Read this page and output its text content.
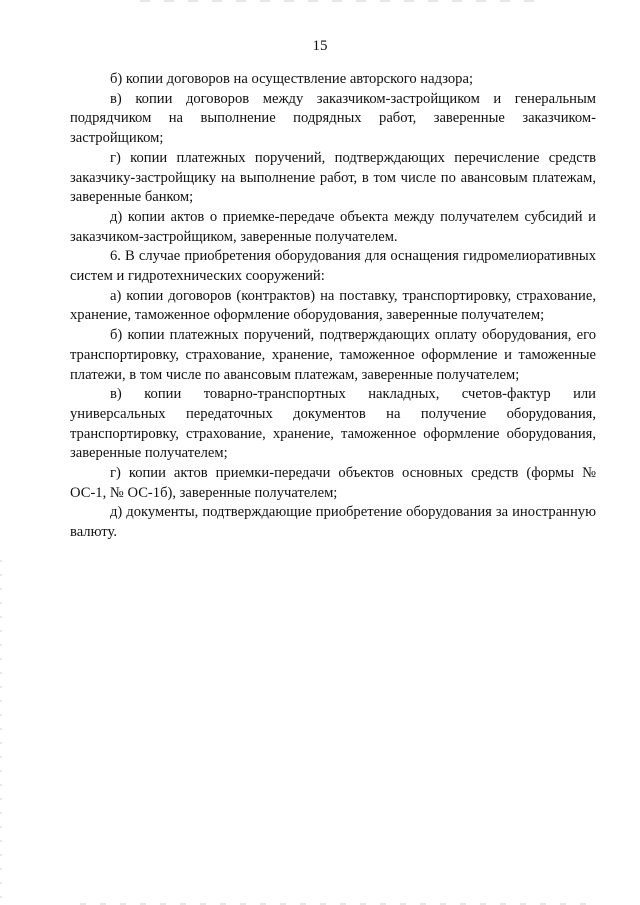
15

б) копии договоров на осуществление авторского надзора;

в) копии договоров между заказчиком-застройщиком и генеральным подрядчиком на выполнение подрядных работ, заверенные заказчиком-застройщиком;

г) копии платежных поручений, подтверждающих перечисление средств заказчику-застройщику на выполнение работ, в том числе по авансовым платежам, заверенные банком;

д) копии актов о приемке-передаче объекта между получателем субсидий и заказчиком-застройщиком, заверенные получателем.

6. В случае приобретения оборудования для оснащения гидромелиоративных систем и гидротехнических сооружений:

а) копии договоров (контрактов) на поставку, транспортировку, страхование, хранение, таможенное оформление оборудования, заверенные получателем;

б) копии платежных поручений, подтверждающих оплату оборудования, его транспортировку, страхование, хранение, таможенное оформление и таможенные платежи, в том числе по авансовым платежам, заверенные получателем;

в) копии товарно-транспортных накладных, счетов-фактур или универсальных передаточных документов на получение оборудования, транспортировку, страхование, хранение, таможенное оформление оборудования, заверенные получателем;

г) копии актов приемки-передачи объектов основных средств (формы № ОС-1, № ОС-1б), заверенные получателем;

д) документы, подтверждающие приобретение оборудования за иностранную валюту.
